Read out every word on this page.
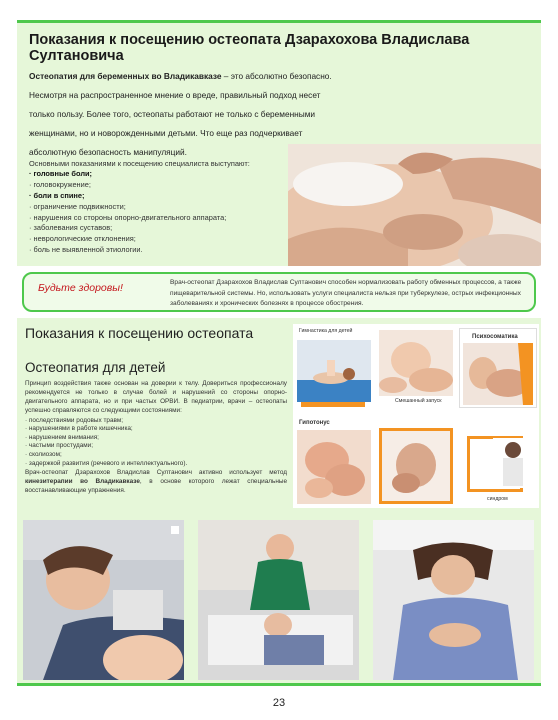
Показания к посещению остеопата Дзарахохова Владислава Султановича
Остеопатия для беременных во Владикавказе – это абсолютно безопасно.
Несмотря на распространенное мнение о вреде, правильный подход несет
только пользу. Более того, остеопаты работают не только с беременными
женщинами, но и новорожденными детьми. Что еще раз подчеркивает
абсолютную безопасность манипуляций.
Основными показаниями к посещению специалиста выступают:
· головные боли;
· головокружение;
· боли в спине;
· ограничение подвижности;
· нарушения со стороны опорно-двигательного аппарата;
· заболевания суставов;
· неврологические отклонения;
· боль не выявленной этиологии.
Будьте здоровы!	Врач-остеопат Дзарахохов Владислав Султанович способен нормализовать работу обменных процессов, а также пищеварительной системы. Но, использовать услуги специалиста нельзя при туберкулезе, острых инфекционных заболеваниях и хронических болезнях в процессе обострения.
Показания к посещению остеопата
Остеопатия для детей
Принцип воздействия также основан на доверии к телу. Довериться профессионалу рекомендуется не только в случае болей и нарушений со стороны опорно-двигательного аппарата, но и при частых ОРВИ. В педиатрии, врачи – остеопаты успешно справляются со следующими состояниями:
· последствиями родовых травм;
· нарушениями в работе кишечника;
· нарушением внимания;
· частыми простудами;
· сколиозом;
· задержкой развития (речевого и интеллектуального).
Врач-остеопат Дзарахохов Владислав Султанович активно использует метод кинезитерапии во Владикавказе, в основе которого лежат специальные восстанавливающие упражнения.
Гимнастика для детей
Смешанный запуск
Психосоматика
Гипотонус
синдром
23
